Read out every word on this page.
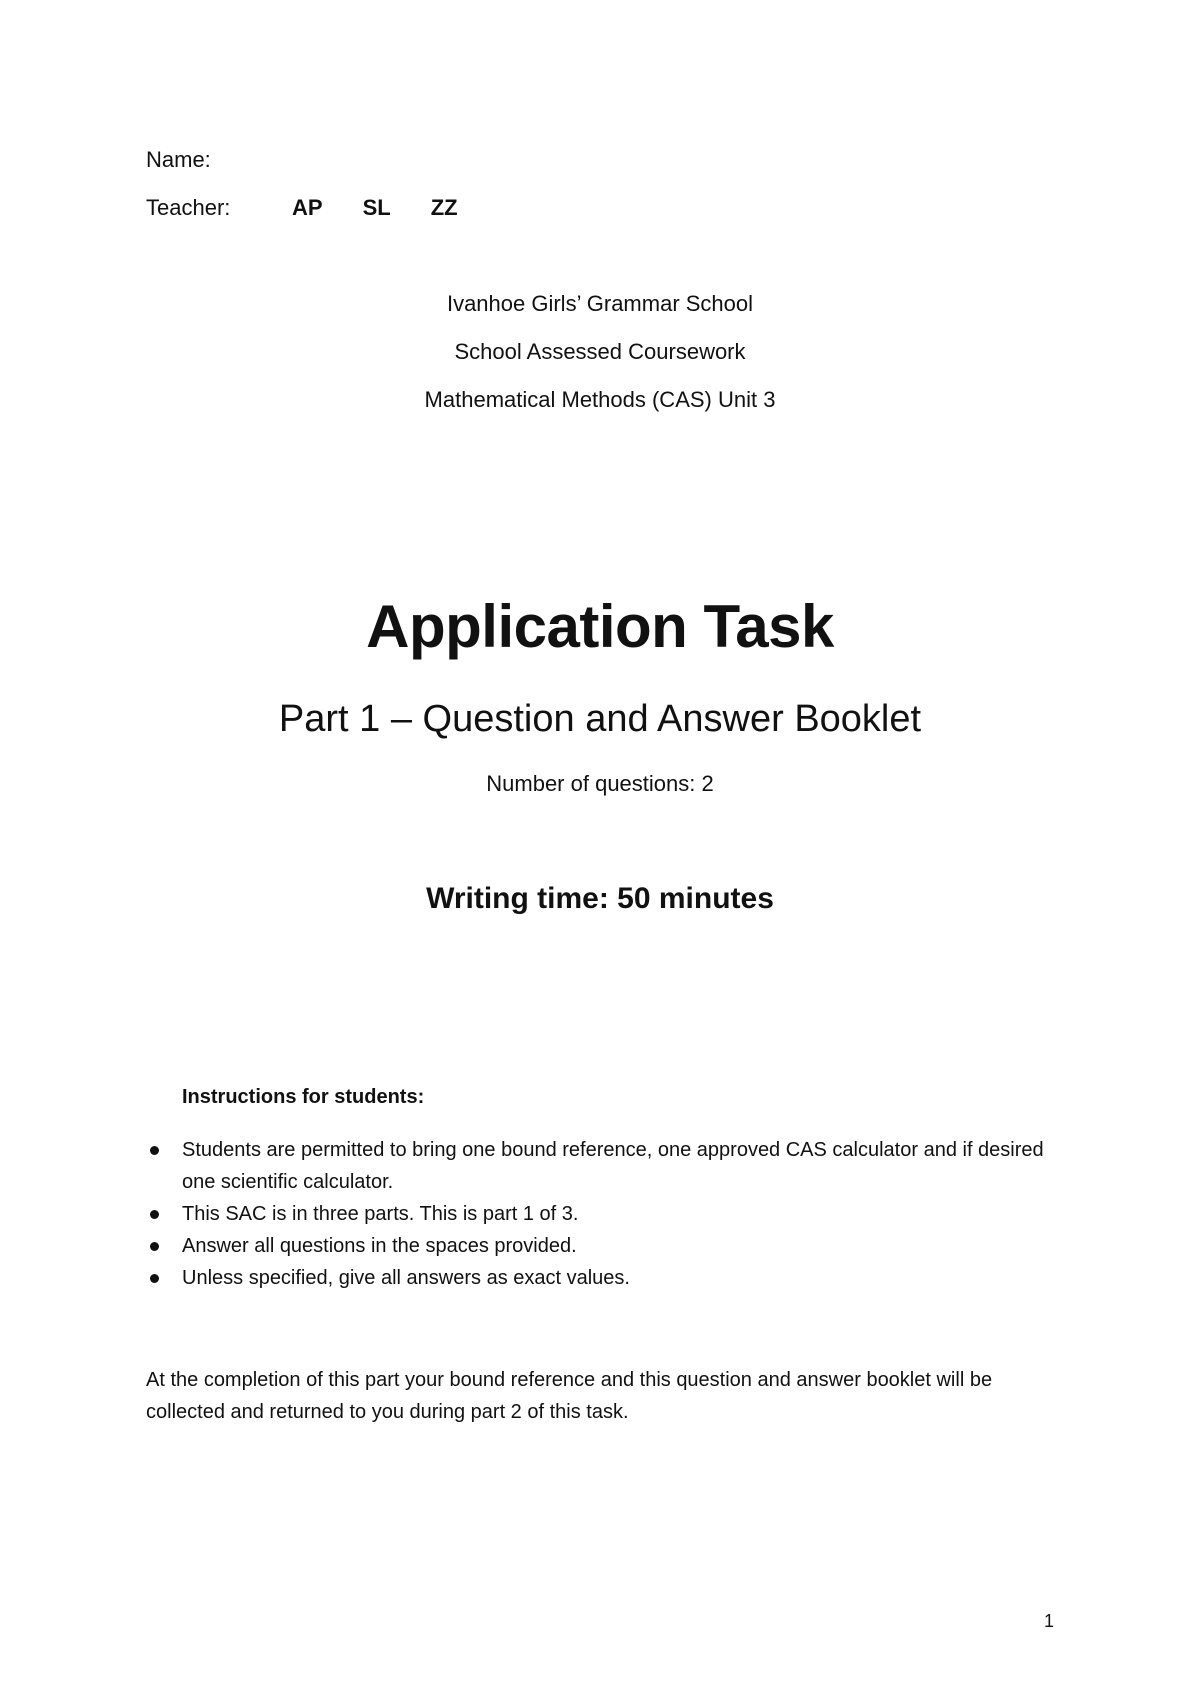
Name:
Teacher:	AP SL ZZ
Ivanhoe Girls’ Grammar School
School Assessed Coursework
Mathematical Methods (CAS) Unit 3
Application Task
Part 1 – Question and Answer Booklet
Number of questions: 2
Writing time: 50 minutes
Instructions for students:
Students are permitted to bring one bound reference, one approved CAS calculator and if desired one scientific calculator.
This SAC is in three parts. This is part 1 of 3.
Answer all questions in the spaces provided.
Unless specified, give all answers as exact values.
At the completion of this part your bound reference and this question and answer booklet will be collected and returned to you during part 2 of this task.
1
